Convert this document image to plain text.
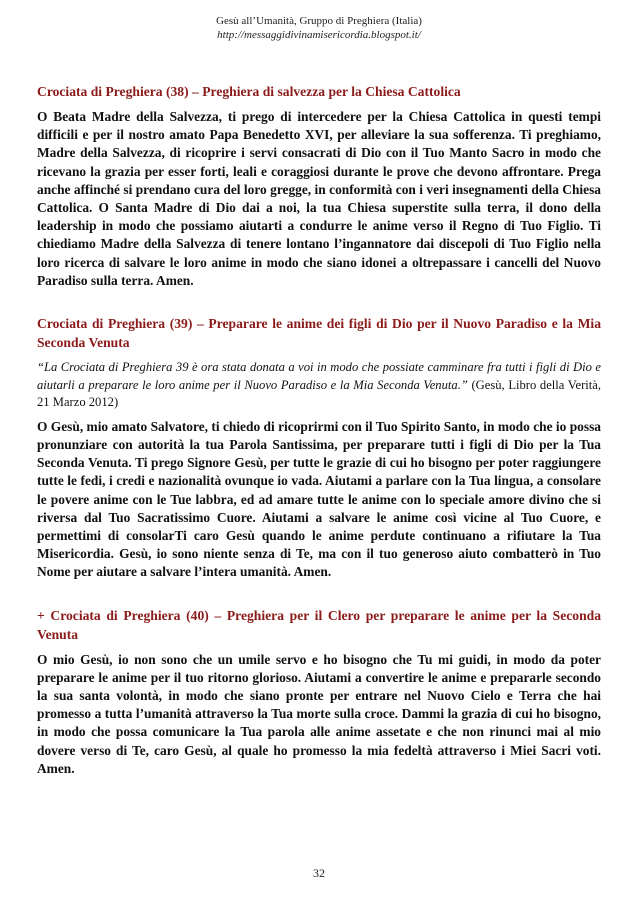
Gesù all’Umanità, Gruppo di Preghiera (Italia)
http://messaggidivinamisericordia.blogspot.it/

Crociata di Preghiera (38) – Preghiera di salvezza per la Chiesa Cattolica

O Beata Madre della Salvezza, ti prego di intercedere per la Chiesa Cattolica in questi tempi difficili e per il nostro amato Papa Benedetto XVI, per alleviare la sua sofferenza. Ti preghiamo, Madre della Salvezza, di ricoprire i servi consacrati di Dio con il Tuo Manto Sacro in modo che ricevano la grazia per esser forti, leali e coraggiosi durante le prove che devono affrontare. Prega anche affinché si prendano cura del loro gregge, in conformità con i veri insegnamenti della Chiesa Cattolica. O Santa Madre di Dio dai a noi, la tua Chiesa superstite sulla terra, il dono della leadership in modo che possiamo aiutarti a condurre le anime verso il Regno di Tuo Figlio. Ti chiediamo Madre della Salvezza di tenere lontano l’ingannatore dai discepoli di Tuo Figlio nella loro ricerca di salvare le loro anime in modo che siano idonei a oltrepassare i cancelli del Nuovo Paradiso sulla terra. Amen.

Crociata di Preghiera (39) – Preparare le anime dei figli di Dio per il Nuovo Paradiso e la Mia Seconda Venuta

“La Crociata di Preghiera 39 è ora stata donata a voi in modo che possiate camminare fra tutti i figli di Dio e aiutarli a preparare le loro anime per il Nuovo Paradiso e la Mia Seconda Venuta.” (Gesù, Libro della Verità, 21 Marzo 2012)

O Gesù, mio amato Salvatore, ti chiedo di ricoprirmi con il Tuo Spirito Santo, in modo che io possa pronunziare con autorità la tua Parola Santissima, per preparare tutti i figli di Dio per la Tua Seconda Venuta. Ti prego Signore Gesù, per tutte le grazie di cui ho bisogno per poter raggiungere tutte le fedi, i credi e nazionalità ovunque io vada. Aiutami a parlare con la Tua lingua, a consolare le povere anime con le Tue labbra, ed ad amare tutte le anime con lo speciale amore divino che si riversa dal Tuo Sacratissimo Cuore. Aiutami a salvare le anime così vicine al Tuo Cuore, e permettimi di consolarTi caro Gesù quando le anime perdute continuano a rifiutare la Tua Misericordia. Gesù, io sono niente senza di Te, ma con il tuo generoso aiuto combatterò in Tuo Nome per aiutare a salvare l’intera umanità. Amen.

+ Crociata di Preghiera (40) – Preghiera per il Clero per preparare le anime per la Seconda Venuta

O mio Gesù, io non sono che un umile servo e ho bisogno che Tu mi guidi, in modo da poter preparare le anime per il tuo ritorno glorioso. Aiutami a convertire le anime e prepararle secondo la sua santa volontà, in modo che siano pronte per entrare nel Nuovo Cielo e Terra che hai promesso a tutta l’umanità attraverso la Tua morte sulla croce. Dammi la grazia di cui ho bisogno, in modo che possa comunicare la Tua parola alle anime assetate e che non rinunci mai al mio dovere verso di Te, caro Gesù, al quale ho promesso la mia fedeltà attraverso i Miei Sacri voti. Amen.

32
